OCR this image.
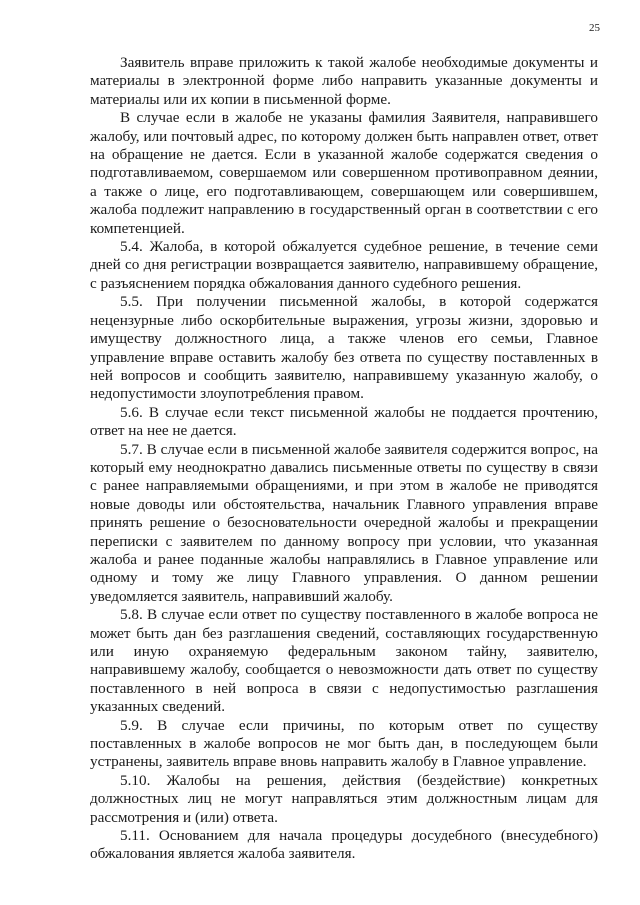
25

Заявитель вправе приложить к такой жалобе необходимые документы и материалы в электронной форме либо направить указанные документы и материалы или их копии в письменной форме.

В случае если в жалобе не указаны фамилия Заявителя, направившего жалобу, или почтовый адрес, по которому должен быть направлен ответ, ответ на обращение не дается. Если в указанной жалобе содержатся сведения о подготавливаемом, совершаемом или совершенном противоправном деянии, а также о лице, его подготавливающем, совершающем или совершившем, жалоба подлежит направлению в государственный орган в соответствии с его компетенцией.

5.4. Жалоба, в которой обжалуется судебное решение, в течение семи дней со дня регистрации возвращается заявителю, направившему обращение, с разъяснением порядка обжалования данного судебного решения.

5.5. При получении письменной жалобы, в которой содержатся нецензурные либо оскорбительные выражения, угрозы жизни, здоровью и имуществу должностного лица, а также членов его семьи, Главное управление вправе оставить жалобу без ответа по существу поставленных в ней вопросов и сообщить заявителю, направившему указанную жалобу, о недопустимости злоупотребления правом.

5.6. В случае если текст письменной жалобы не поддается прочтению, ответ на нее не дается.

5.7. В случае если в письменной жалобе заявителя содержится вопрос, на который ему неоднократно давались письменные ответы по существу в связи с ранее направляемыми обращениями, и при этом в жалобе не приводятся новые доводы или обстоятельства, начальник Главного управления вправе принять решение о безосновательности очередной жалобы и прекращении переписки с заявителем по данному вопросу при условии, что указанная жалоба и ранее поданные жалобы направлялись в Главное управление или одному и тому же лицу Главного управления. О данном решении уведомляется заявитель, направивший жалобу.

5.8. В случае если ответ по существу поставленного в жалобе вопроса не может быть дан без разглашения сведений, составляющих государственную или иную охраняемую федеральным законом тайну, заявителю, направившему жалобу, сообщается о невозможности дать ответ по существу поставленного в ней вопроса в связи с недопустимостью разглашения указанных сведений.

5.9. В случае если причины, по которым ответ по существу поставленных в жалобе вопросов не мог быть дан, в последующем были устранены, заявитель вправе вновь направить жалобу в Главное управление.

5.10. Жалобы на решения, действия (бездействие) конкретных должностных лиц не могут направляться этим должностным лицам для рассмотрения и (или) ответа.

5.11. Основанием для начала процедуры досудебного (внесудебного) обжалования является жалоба заявителя.
